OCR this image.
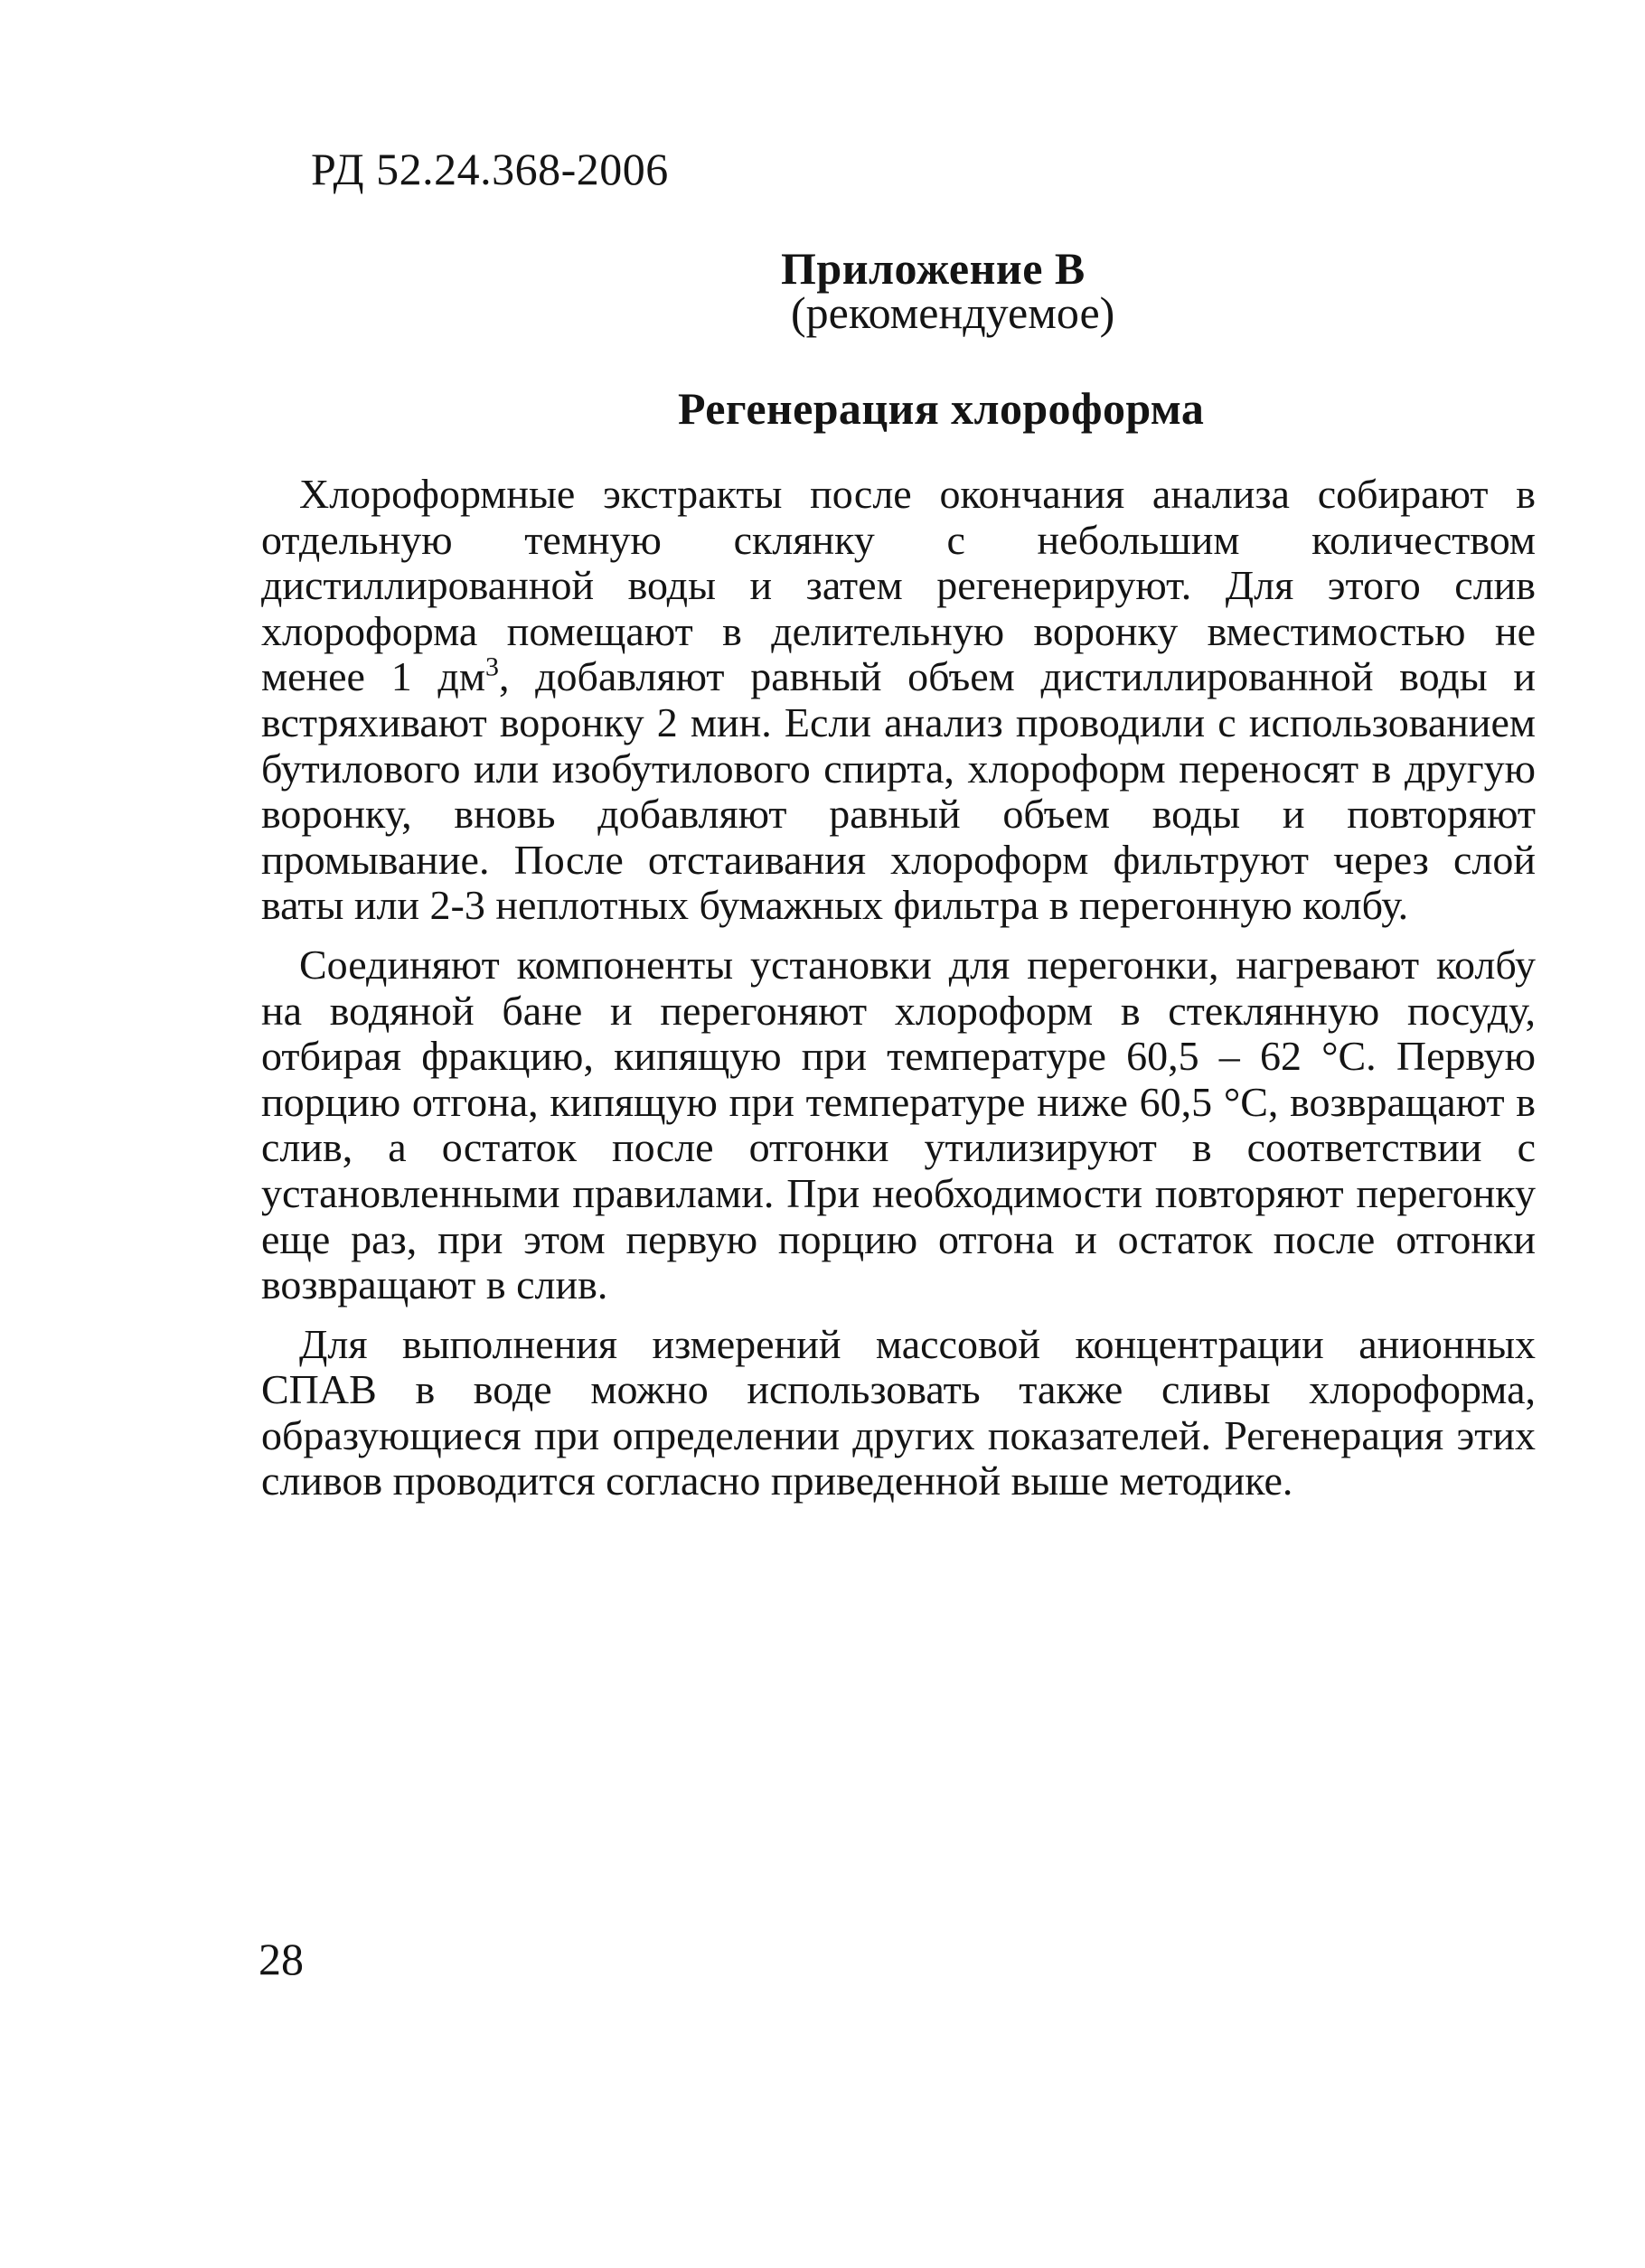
РД 52.24.368-2006
Приложение В
(рекомендуемое)
Регенерация хлороформа

Хлороформные экстракты после окончания анализа собирают в отдельную темную склянку с небольшим количеством дистиллированной воды и затем регенерируют. Для этого слив хлороформа помещают в делительную воронку вместимостью не менее 1 $дм^3$, добавляют равный объем дистиллированной воды и встряхивают воронку 2 мин. Если анализ проводили с использованием бутилового или изобутилового спирта, хлороформ переносят в другую воронку, вновь добавляют равный объем воды и повторяют промывание. После отстаивания хлороформ фильтруют через слой ваты или 2-3 неплотных бумажных фильтра в перегонную колбу.

Соединяют компоненты установки для перегонки, нагревают колбу на водяной бане и перегоняют хлороформ в стеклянную посуду, отбирая фракцию, кипящую при температуре 60,5 – 62 °С. Первую порцию отгона, кипящую при температуре ниже 60,5 °С, возвращают в слив, а остаток после отгонки утилизируют в соответствии с установленными правилами. При необходимости повторяют перегонку еще раз, при этом первую порцию отгона и остаток после отгонки возвращают в слив.

Для выполнения измерений массовой концентрации анионных СПАВ в воде можно использовать также сливы хлороформа, образующиеся при определении других показателей. Регенерация этих сливов проводится согласно приведенной выше методике.

28
